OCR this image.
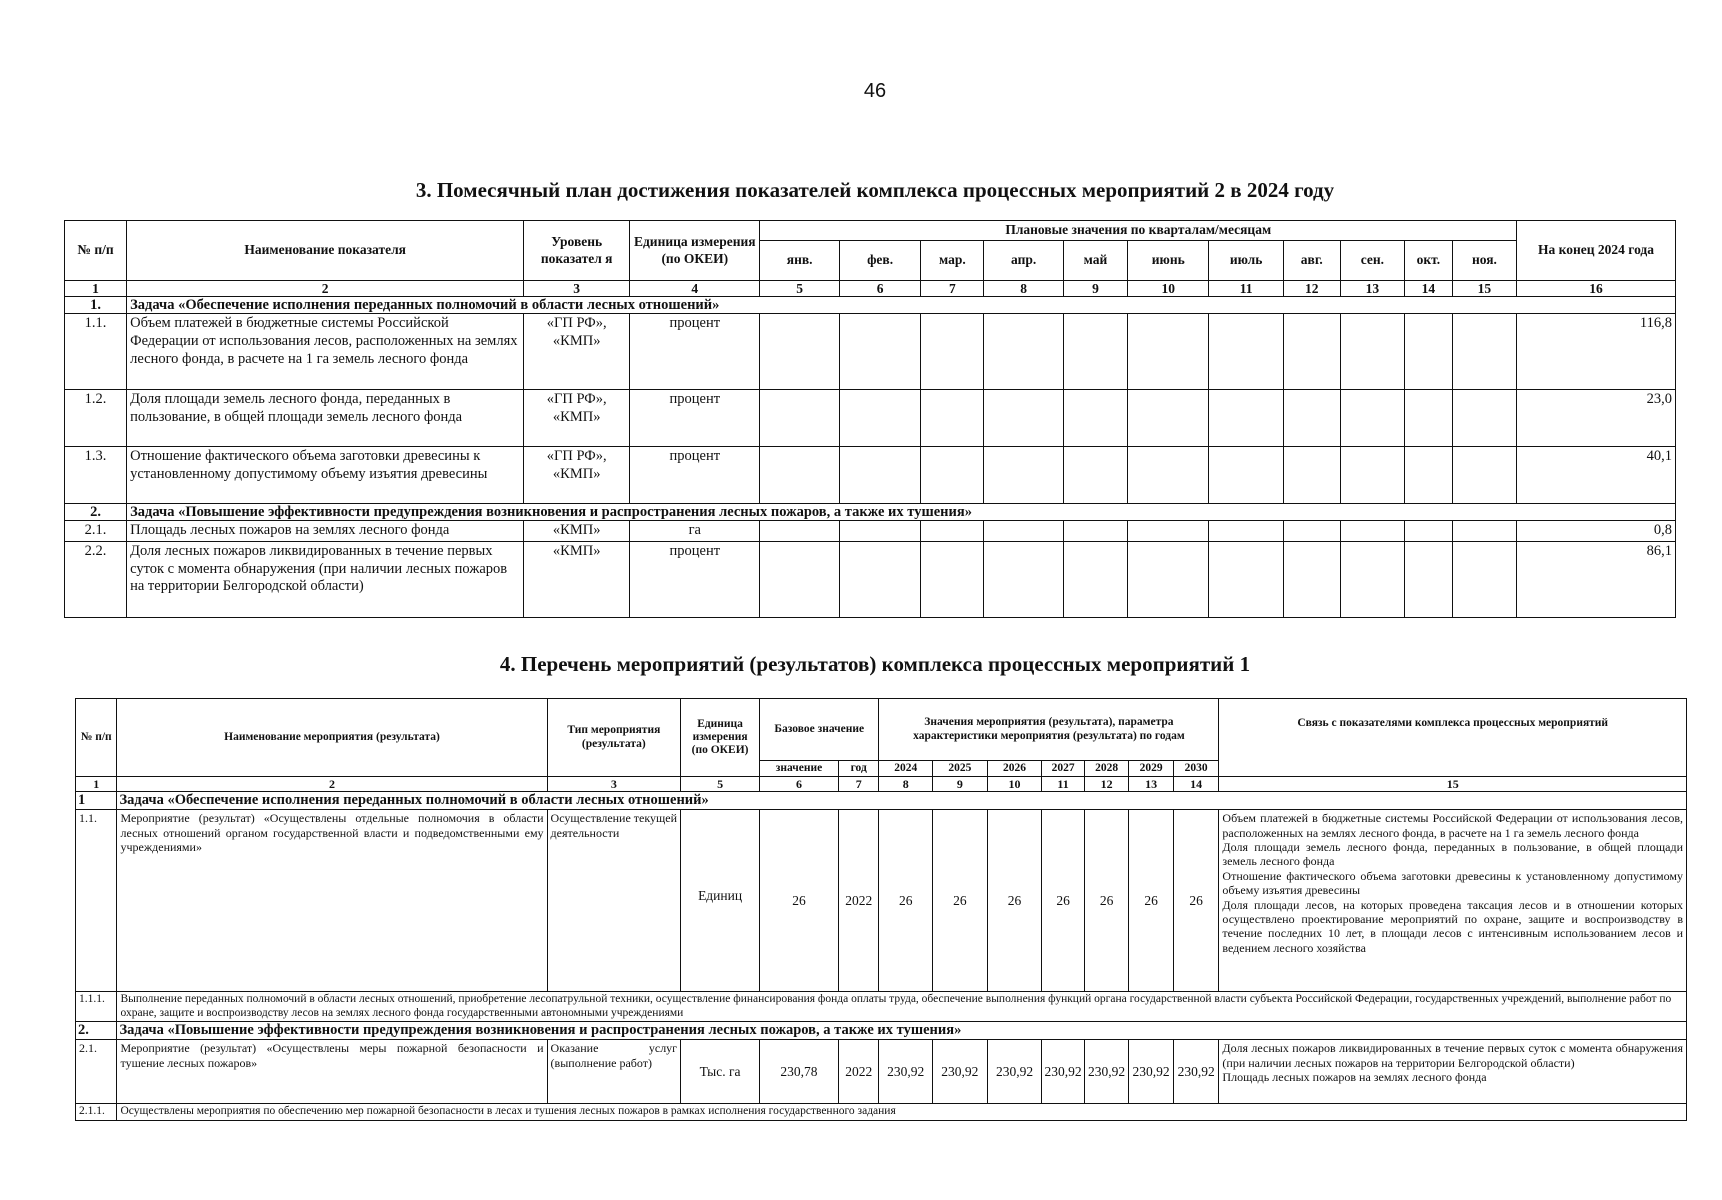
46
3. Помесячный план достижения показателей комплекса процессных мероприятий 2 в 2024 году
№ п/п	Наименование показателя	Уровень показател я	Единица измерения (по ОКЕИ)	Плановые значения по кварталам/месяцам											На конец 2024 года
				янв.	фев.	мар.	апр.	май	июнь	июль	авг.	сен.	окт.	ноя.	
1	2	3	4	5	6	7	8	9	10	11	12	13	14	15	16
1.	Задача «Обеспечение исполнения переданных полномочий в области лесных отношений»														
1.1.	Объем платежей в бюджетные системы Российской Федерации от использования лесов, расположенных на землях лесного фонда, в расчете на 1 га земель лесного фонда	«ГП РФ», «КМП»	процент												116,8
1.2.	Доля площади земель лесного фонда, переданных в пользование, в общей площади земель лесного фонда	«ГП РФ», «КМП»	процент												23,0
1.3.	Отношение фактического объема заготовки древесины к установленному допустимому объему изъятия древесины	«ГП РФ», «КМП»	процент												40,1
2.	Задача «Повышение эффективности предупреждения возникновения и распространения лесных пожаров, а также их тушения»														
2.1.	Площадь лесных пожаров на землях лесного фонда	«КМП»	га												0,8
2.2.	Доля лесных пожаров ликвидированных в течение первых суток с момента обнаружения (при наличии лесных пожаров на территории Белгородской области)	«КМП»	процент												86,1
4. Перечень мероприятий (результатов) комплекса процессных мероприятий 1
№ п/п	Наименование мероприятия (результата)	Тип мероприятия (результата)	Единица измерения (по ОКЕИ)	Базовое значение		Значения мероприятия (результата), параметра характеристики мероприятия (результата) по годам							Связь с показателями комплекса процессных мероприятий
				значение	год	2024	2025	2026	2027	2028	2029	2030	
1	2	3	5	6	7	8	9	10	11	12	13	14	15
1	Задача «Обеспечение исполнения переданных полномочий в области лесных отношений»												
1.1.	Мероприятие (результат) «Осуществлены отдельные полномочия в области лесных отношений органом государственной власти и подведомственными ему учреждениями»	Осуществление текущей деятельности	Единиц	26	2022	26	26	26	26	26	26	26	Объем платежей в бюджетные системы Российской Федерации от использования лесов, расположенных на землях лесного фонда, в расчете на 1 га земель лесного фонда
Доля площади земель лесного фонда, переданных в пользование, в общей площади земель лесного фонда
Отношение фактического объема заготовки древесины к установленному допустимому объему изъятия древесины
Доля площади лесов, на которых проведена таксация лесов и в отношении которых осуществлено проектирование мероприятий по охране, защите и воспроизводству в течение последних 10 лет, в площади лесов с интенсивным использованием лесов и ведением лесного хозяйства

1.1.1.	Выполнение переданных полномочий в области лесных отношений, приобретение лесопатрульной техники, осуществление финансирования фонда оплаты труда, обеспечение выполнения функций органа государственной власти субъекта Российской Федерации, государственных учреждений, выполнение работ по охране, защите и воспроизводству лесов на землях лесного фонда государственными автономными учреждениями												
2.	Задача «Повышение эффективности предупреждения возникновения и распространения лесных пожаров, а также их тушения»												
2.1.	Мероприятие (результат) «Осуществлены меры пожарной безопасности и тушение лесных пожаров»	Оказание услуг (выполнение работ)	Тыс. га	230,78	2022	230,92	230,92	230,92	230,92	230,92	230,92	230,92	Доля лесных пожаров ликвидированных в течение первых суток с момента обнаружения (при наличии лесных пожаров на территории Белгородской области)
Площадь лесных пожаров на землях лесного фонда

2.1.1.	Осуществлены мероприятия по обеспечению мер пожарной безопасности в лесах и тушения лесных пожаров в рамках исполнения государственного задания												
